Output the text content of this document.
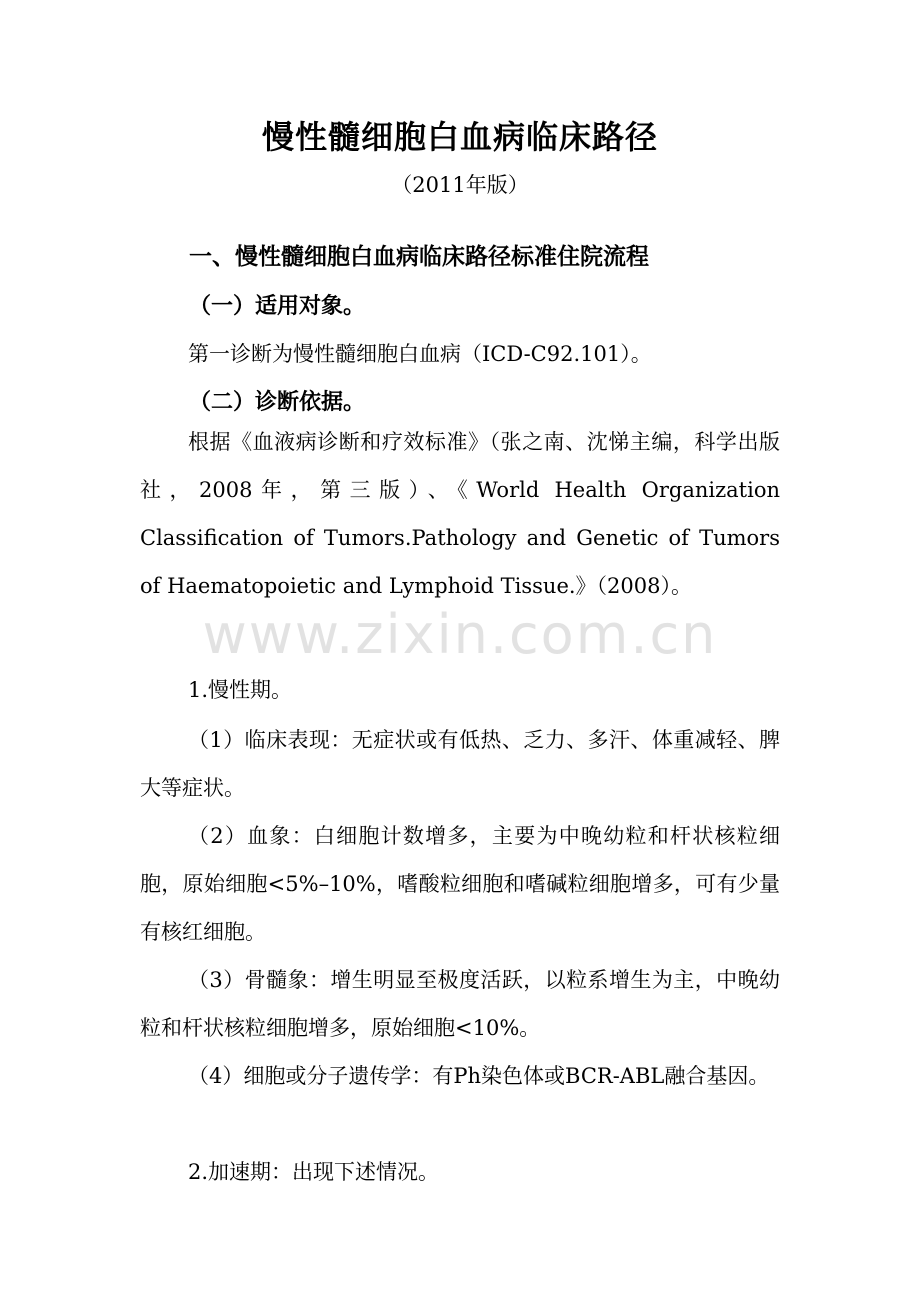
慢性髓细胞白血病临床路径
（2011年版）
一、慢性髓细胞白血病临床路径标准住院流程
（一）适用对象。

第一诊断为慢性髓细胞白血病（ICD-C92.101）。

（二）诊断依据。

根据《血液病诊断和疗效标准》（张之南、沈悌主编，科学出版社，2008年，第三版）、《World Health Organization Classification of Tumors.Pathology and Genetic of Tumors of Haematopoietic and Lymphoid Tissue.》（2008）。

1.慢性期。

（1）临床表现：无症状或有低热、乏力、多汗、体重减轻、脾大等症状。

（2）血象：白细胞计数增多，主要为中晚幼粒和杆状核粒细胞，原始细胞<5%–10%，嗜酸粒细胞和嗜碱粒细胞增多，可有少量有核红细胞。

（3）骨髓象：增生明显至极度活跃，以粒系增生为主，中晚幼粒和杆状核粒细胞增多，原始细胞<10%。

（4）细胞或分子遗传学：有Ph染色体或BCR-ABL融合基因。

2.加速期：出现下述情况。

www.zixin.com.cn
